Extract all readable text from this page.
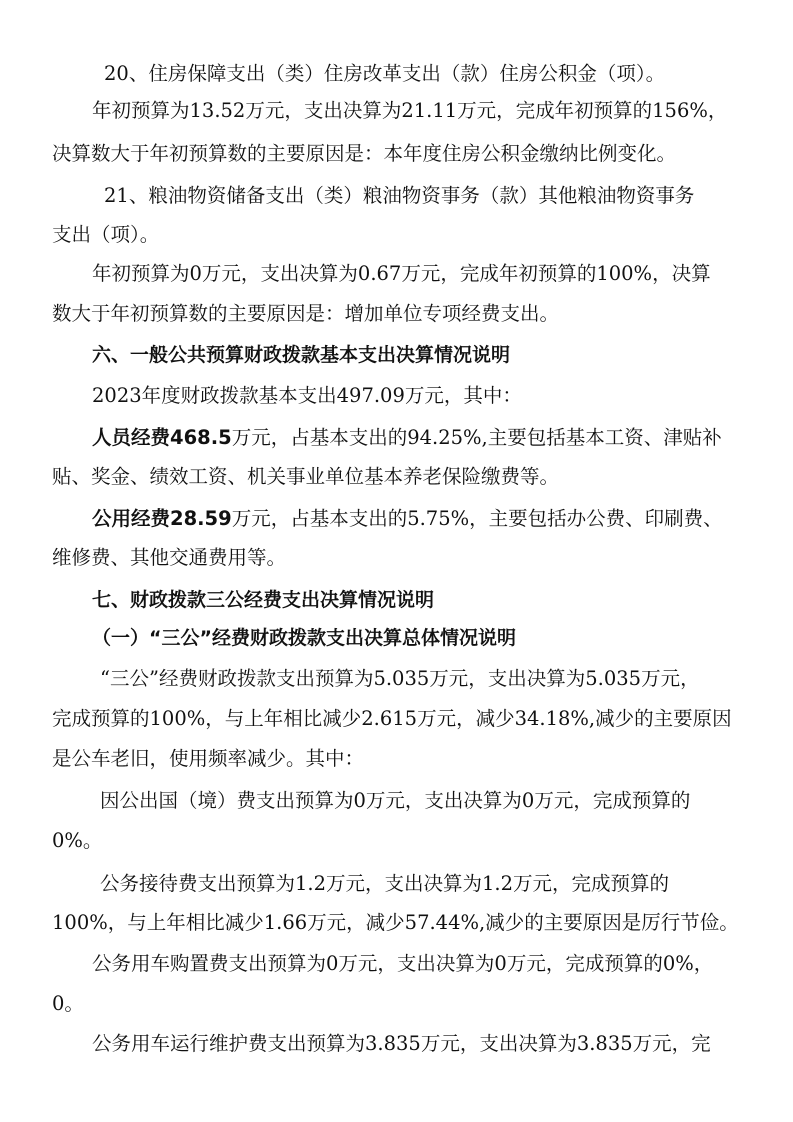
20、住房保障支出（类）住房改革支出（款）住房公积金（项）。
年初预算为13.52万元，支出决算为21.11万元，完成年初预算的156%，
决算数大于年初预算数的主要原因是：本年度住房公积金缴纳比例变化。
21、粮油物资储备支出（类）粮油物资事务（款）其他粮油物资事务
支出（项）。
年初预算为0万元，支出决算为0.67万元，完成年初预算的100%，决算
数大于年初预算数的主要原因是：增加单位专项经费支出。
六、一般公共预算财政拨款基本支出决算情况说明
2023年度财政拨款基本支出497.09万元，其中：
人员经费468.5万元，占基本支出的94.25%,主要包括基本工资、津贴补
贴、奖金、绩效工资、机关事业单位基本养老保险缴费等。
公用经费28.59万元，占基本支出的5.75%，主要包括办公费、印刷费、
维修费、其他交通费用等。
七、财政拨款三公经费支出决算情况说明
（一）“三公”经费财政拨款支出决算总体情况说明
“三公”经费财政拨款支出预算为5.035万元，支出决算为5.035万元，
完成预算的100%，与上年相比减少2.615万元，减少34.18%,减少的主要原因
是公车老旧，使用频率减少。其中：
因公出国（境）费支出预算为0万元，支出决算为0万元，完成预算的
0%。
公务接待费支出预算为1.2万元，支出决算为1.2万元，完成预算的
100%，与上年相比减少1.66万元，减少57.44%,减少的主要原因是厉行节俭。
公务用车购置费支出预算为0万元，支出决算为0万元，完成预算的0%，
0。
公务用车运行维护费支出预算为3.835万元，支出决算为3.835万元，完
